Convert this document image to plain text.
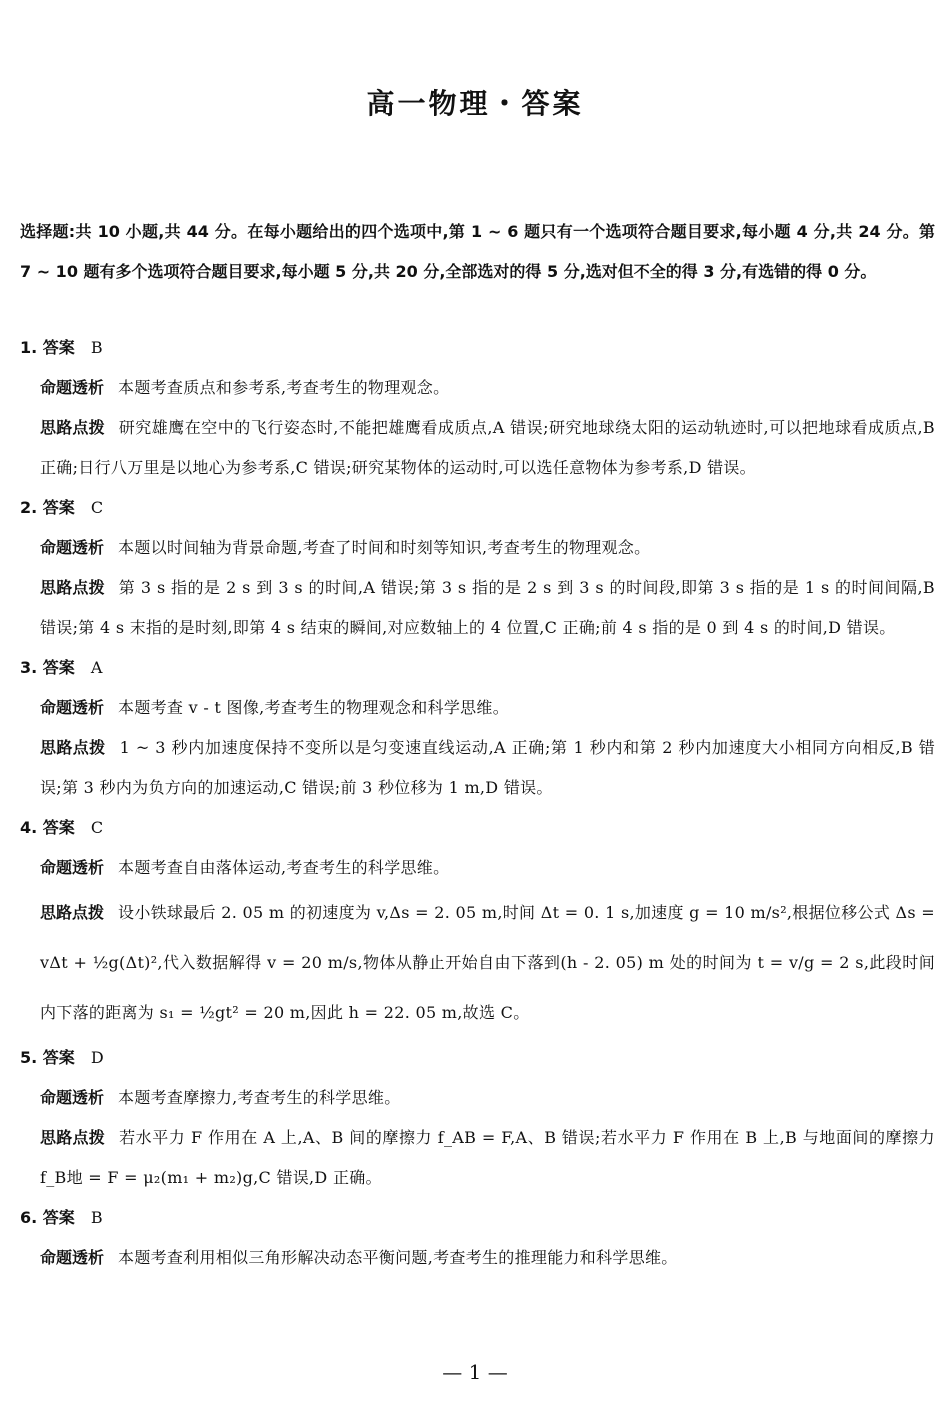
高一物理・答案
选择题:共 10 小题,共 44 分。在每小题给出的四个选项中,第 1 ~ 6 题只有一个选项符合题目要求,每小题 4 分,共 24 分。第 7 ~ 10 题有多个选项符合题目要求,每小题 5 分,共 20 分,全部选对的得 5 分,选对但不全的得 3 分,有选错的得 0 分。
1. 答案 B
命题透析 本题考查质点和参考系,考查考生的物理观念。
思路点拨 研究雄鹰在空中的飞行姿态时,不能把雄鹰看成质点,A 错误;研究地球绕太阳的运动轨迹时,可以把地球看成质点,B 正确;日行八万里是以地心为参考系,C 错误;研究某物体的运动时,可以选任意物体为参考系,D 错误。
2. 答案 C
命题透析 本题以时间轴为背景命题,考查了时间和时刻等知识,考查考生的物理观念。
思路点拨 第 3 s 指的是 2 s 到 3 s 的时间,A 错误;第 3 s 指的是 2 s 到 3 s 的时间段,即第 3 s 指的是 1 s 的时间间隔,B 错误;第 4 s 末指的是时刻,即第 4 s 结束的瞬间,对应数轴上的 4 位置,C 正确;前 4 s 指的是 0 到 4 s 的时间,D 错误。
3. 答案 A
命题透析 本题考查 v - t 图像,考查考生的物理观念和科学思维。
思路点拨 1 ~ 3 秒内加速度保持不变所以是匀变速直线运动,A 正确;第 1 秒内和第 2 秒内加速度大小相同方向相反,B 错误;第 3 秒内为负方向的加速运动,C 错误;前 3 秒位移为 1 m,D 错误。
4. 答案 C
命题透析 本题考查自由落体运动,考查考生的科学思维。
思路点拨 设小铁球最后 2. 05 m 的初速度为 v,Δs = 2. 05 m,时间 Δt = 0. 1 s,加速度 g = 10 m/s²,根据位移公式 Δs = vΔt + ½g(Δt)²,代入数据解得 v = 20 m/s,物体从静止开始自由下落到(h - 2. 05) m 处的时间为 t = v/g = 2 s,此段时间内下落的距离为 s₁ = ½gt² = 20 m,因此 h = 22. 05 m,故选 C。
5. 答案 D
命题透析 本题考查摩擦力,考查考生的科学思维。
思路点拨 若水平力 F 作用在 A 上,A、B 间的摩擦力 f_AB = F,A、B 错误;若水平力 F 作用在 B 上,B 与地面间的摩擦力 f_B地 = F = μ₂(m₁ + m₂)g,C 错误,D 正确。
6. 答案 B
命题透析 本题考查利用相似三角形解决动态平衡问题,考查考生的推理能力和科学思维。
— 1 —
